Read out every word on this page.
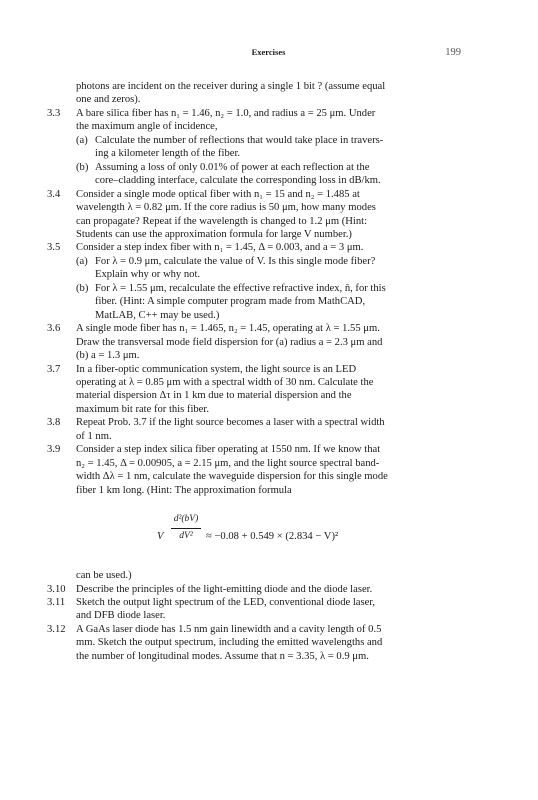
Exercises	199
photons are incident on the receiver during a single 1 bit ? (assume equal
one and zeros).
3.3	A bare silica fiber has n₁ = 1.46, n₂ = 1.0, and radius a = 25 μm. Under
the maximum angle of incidence,
(a) Calculate the number of reflections that would take place in travers-
ing a kilometer length of the fiber.
(b) Assuming a loss of only 0.01% of power at each reflection at the
core–cladding interface, calculate the corresponding loss in dB/km.
3.4	Consider a single mode optical fiber with n₁ = 15 and n₂ = 1.485 at
wavelength λ = 0.82 μm. If the core radius is 50 μm, how many modes
can propagate? Repeat if the wavelength is changed to 1.2 μm (Hint:
Students can use the approximation formula for large V number.)
3.5	Consider a step index fiber with n₁ = 1.45, Δ = 0.003, and a = 3 μm.
(a) For λ = 0.9 μm, calculate the value of V. Is this single mode fiber?
Explain why or why not.
(b) For λ = 1.55 μm, recalculate the effective refractive index, n̄, for this
fiber. (Hint: A simple computer program made from MathCAD,
MatLAB, C++ may be used.)
3.6	A single mode fiber has n₁ = 1.465, n₂ = 1.45, operating at λ = 1.55 μm.
Draw the transversal mode field dispersion for (a) radius a = 2.3 μm and
(b) a = 1.3 μm.
3.7	In a fiber-optic communication system, the light source is an LED
operating at λ = 0.85 μm with a spectral width of 30 nm. Calculate the
material dispersion Δτ in 1 km due to material dispersion and the
maximum bit rate for this fiber.
3.8	Repeat Prob. 3.7 if the light source becomes a laser with a spectral width
of 1 nm.
3.9	Consider a step index silica fiber operating at 1550 nm. If we know that
n₂ = 1.45, Δ = 0.00905, a = 2.15 μm, and the light source spectral band-
width Δλ = 1 nm, calculate the waveguide dispersion for this single mode
fiber 1 km long. (Hint: The approximation formula
V
d²(bV)
dV²	≈ −0.08 + 0.549 × (2.834 − V)²
can be used.)
3.10 Describe the principles of the light-emitting diode and the diode laser.
3.11	Sketch the output light spectrum of the LED, conventional diode laser,
and DFB diode laser.
3.12 A GaAs laser diode has 1.5 nm gain linewidth and a cavity length of 0.5
mm. Sketch the output spectrum, including the emitted wavelengths and
the number of longitudinal modes. Assume that n = 3.35, λ = 0.9 μm.
